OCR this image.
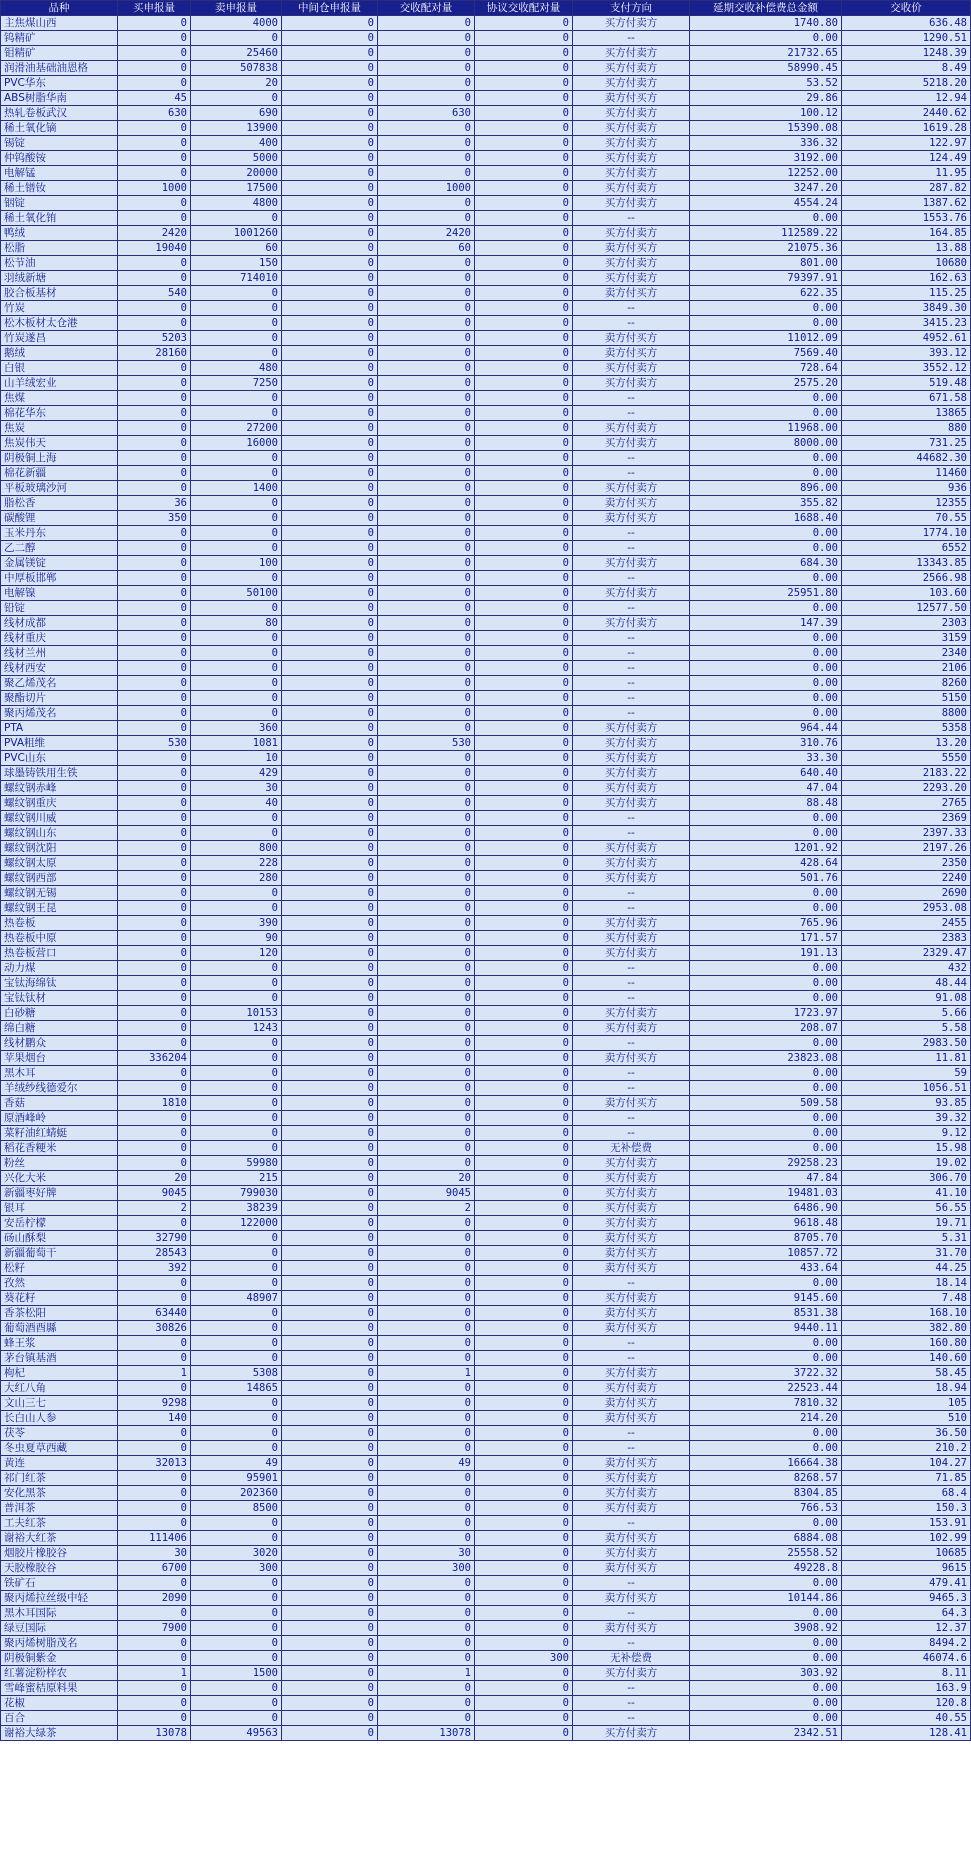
品种	买申报量	卖申报量	中间仓申报量	交收配对量	协议交收配对量	支付方向	延期交收补偿费总金额	交收价
主焦煤山西	0	4000	0	0	0	买方付卖方	1740.80	636.48
钨精矿	0	0	0	0	0	--	0.00	1290.51
钼精矿	0	25460	0	0	0	买方付卖方	21732.65	1248.39
润滑油基础油恩格	0	507838	0	0	0	买方付卖方	58990.45	8.49
PVC华东	0	20	0	0	0	买方付卖方	53.52	5218.20
ABS树脂华南	45	0	0	0	0	卖方付买方	29.86	12.94
热轧卷板武汉	630	690	0	630	0	买方付卖方	100.12	2440.62
稀土氧化镝	0	13900	0	0	0	买方付卖方	15390.08	1619.28
锡锭	0	400	0	0	0	买方付卖方	336.32	122.97
仲钨酸铵	0	5000	0	0	0	买方付卖方	3192.00	124.49
电解锰	0	20000	0	0	0	买方付卖方	12252.00	11.95
稀土镨钕	1000	17500	0	1000	0	买方付卖方	3247.20	287.82
铟锭	0	4800	0	0	0	买方付卖方	4554.24	1387.62
稀土氧化铕	0	0	0	0	0	--	0.00	1553.76
鸭绒	2420	1001260	0	2420	0	买方付卖方	112589.22	164.85
松脂	19040	60	0	60	0	卖方付买方	21075.36	13.88
松节油	0	150	0	0	0	买方付卖方	801.00	10680
羽绒新塘	0	714010	0	0	0	买方付卖方	79397.91	162.63
胶合板基材	540	0	0	0	0	卖方付买方	622.35	115.25
竹炭	0	0	0	0	0	--	0.00	3849.30
松木板材太仓港	0	0	0	0	0	--	0.00	3415.23
竹炭遂昌	5203	0	0	0	0	卖方付买方	11012.09	4952.61
鹅绒	28160	0	0	0	0	卖方付买方	7569.40	393.12
白银	0	480	0	0	0	买方付卖方	728.64	3552.12
山羊绒宏业	0	7250	0	0	0	买方付卖方	2575.20	519.48
焦煤	0	0	0	0	0	--	0.00	671.58
棉花华东	0	0	0	0	0	--	0.00	13865
焦炭	0	27200	0	0	0	买方付卖方	11968.00	880
焦炭伟天	0	16000	0	0	0	买方付卖方	8000.00	731.25
阴极铜上海	0	0	0	0	0	--	0.00	44682.30
棉花新疆	0	0	0	0	0	--	0.00	11460
平板玻璃沙河	0	1400	0	0	0	买方付卖方	896.00	936
脂松香	36	0	0	0	0	卖方付买方	355.82	12355
碳酸锂	350	0	0	0	0	卖方付买方	1688.40	70.55
玉米丹东	0	0	0	0	0	--	0.00	1774.10
乙二醇	0	0	0	0	0	--	0.00	6552
金属镁锭	0	100	0	0	0	买方付卖方	684.30	13343.85
中厚板邯郸	0	0	0	0	0	--	0.00	2566.98
电解镍	0	50100	0	0	0	买方付卖方	25951.80	103.60
铅锭	0	0	0	0	0	--	0.00	12577.50
线材成都	0	80	0	0	0	买方付卖方	147.39	2303
线材重庆	0	0	0	0	0	--	0.00	3159
线材兰州	0	0	0	0	0	--	0.00	2340
线材西安	0	0	0	0	0	--	0.00	2106
聚乙烯茂名	0	0	0	0	0	--	0.00	8260
聚酯切片	0	0	0	0	0	--	0.00	5150
聚丙烯茂名	0	0	0	0	0	--	0.00	8800
PTA	0	360	0	0	0	买方付卖方	964.44	5358
PVA粗维	530	1081	0	530	0	买方付卖方	310.76	13.20
PVC山东	0	10	0	0	0	买方付卖方	33.30	5550
球墨铸铁用生铁	0	429	0	0	0	买方付卖方	640.40	2183.22
螺纹钢赤峰	0	30	0	0	0	买方付卖方	47.04	2293.20
螺纹钢重庆	0	40	0	0	0	买方付卖方	88.48	2765
螺纹钢川威	0	0	0	0	0	--	0.00	2369
螺纹钢山东	0	0	0	0	0	--	0.00	2397.33
螺纹钢沈阳	0	800	0	0	0	买方付卖方	1201.92	2197.26
螺纹钢太原	0	228	0	0	0	买方付卖方	428.64	2350
螺纹钢西部	0	280	0	0	0	买方付卖方	501.76	2240
螺纹钢无锡	0	0	0	0	0	--	0.00	2690
螺纹钢王昆	0	0	0	0	0	--	0.00	2953.08
热卷板	0	390	0	0	0	买方付卖方	765.96	2455
热卷板中原	0	90	0	0	0	买方付卖方	171.57	2383
热卷板营口	0	120	0	0	0	买方付卖方	191.13	2329.47
动力煤	0	0	0	0	0	--	0.00	432
宝钛海绵钛	0	0	0	0	0	--	0.00	48.44
宝钛钛材	0	0	0	0	0	--	0.00	91.08
白砂糖	0	10153	0	0	0	买方付卖方	1723.97	5.66
绵白糖	0	1243	0	0	0	买方付卖方	208.07	5.58
线材鹏众	0	0	0	0	0	--	0.00	2983.50
苹果烟台	336204	0	0	0	0	卖方付买方	23823.08	11.81
黑木耳	0	0	0	0	0	--	0.00	59
羊绒纱线德爱尔	0	0	0	0	0	--	0.00	1056.51
香菇	1810	0	0	0	0	卖方付买方	509.58	93.85
原酒峰岭	0	0	0	0	0	--	0.00	39.32
菜籽油红蜻蜓	0	0	0	0	0	--	0.00	9.12
稻花香粳米	0	0	0	0	0	无补偿费	0.00	15.98
粉丝	0	59980	0	0	0	买方付卖方	29258.23	19.02
兴化大米	20	215	0	20	0	买方付卖方	47.84	306.70
新疆枣好牌	9045	799030	0	9045	0	买方付卖方	19481.03	41.10
银耳	2	38239	0	2	0	买方付卖方	6486.90	56.55
安岳柠檬	0	122000	0	0	0	买方付卖方	9618.48	19.71
砀山酥梨	32790	0	0	0	0	卖方付买方	8705.70	5.31
新疆葡萄干	28543	0	0	0	0	卖方付买方	10857.72	31.70
松籽	392	0	0	0	0	卖方付买方	433.64	44.25
孜然	0	0	0	0	0	--	0.00	18.14
葵花籽	0	48907	0	0	0	买方付卖方	9145.60	7.48
香茶松阳	63440	0	0	0	0	卖方付买方	8531.38	168.10
葡萄酒酉縣	30826	0	0	0	0	卖方付买方	9440.11	382.80
蜂王浆	0	0	0	0	0	--	0.00	160.80
茅台镇基酒	0	0	0	0	0	--	0.00	140.60
枸杞	1	5308	0	1	0	买方付卖方	3722.32	58.45
大红八角	0	14865	0	0	0	买方付卖方	22523.44	18.94
文山三七	9298	0	0	0	0	卖方付买方	7810.32	105
长白山人参	140	0	0	0	0	卖方付买方	214.20	510
茯苓	0	0	0	0	0	--	0.00	36.50
冬虫夏草西藏	0	0	0	0	0	--	0.00	210.2
黄连	32013	49	0	49	0	卖方付买方	16664.38	104.27
祁门红茶	0	95901	0	0	0	买方付卖方	8268.57	71.85
安化黑茶	0	202360	0	0	0	买方付卖方	8304.85	68.4
普洱茶	0	8500	0	0	0	买方付卖方	766.53	150.3
工夫红茶	0	0	0	0	0	--	0.00	153.91
谢裕大红茶	111406	0	0	0	0	卖方付买方	6884.08	102.99
烟胶片橡胶谷	30	3020	0	30	0	买方付卖方	25558.52	10685
天胶橡胶谷	6700	300	0	300	0	卖方付买方	49228.8	9615
铁矿石	0	0	0	0	0	--	0.00	479.41
聚丙烯拉丝级中轻	2090	0	0	0	0	卖方付买方	10144.86	9465.3
黑木耳国际	0	0	0	0	0	--	0.00	64.3
绿豆国际	7900	0	0	0	0	卖方付买方	3908.92	12.37
聚丙烯树脂茂名	0	0	0	0	0	--	0.00	8494.2
阴极铜紫金	0	0	0	0	300	无补偿费	0.00	46074.6
红薯淀粉梓农	1	1500	0	1	0	买方付卖方	303.92	8.11
雪峰蜜桔原料果	0	0	0	0	0	--	0.00	163.9
花椒	0	0	0	0	0	--	0.00	120.8
百合	0	0	0	0	0	--	0.00	40.55
谢裕大绿茶	13078	49563	0	13078	0	买方付卖方	2342.51	128.41
